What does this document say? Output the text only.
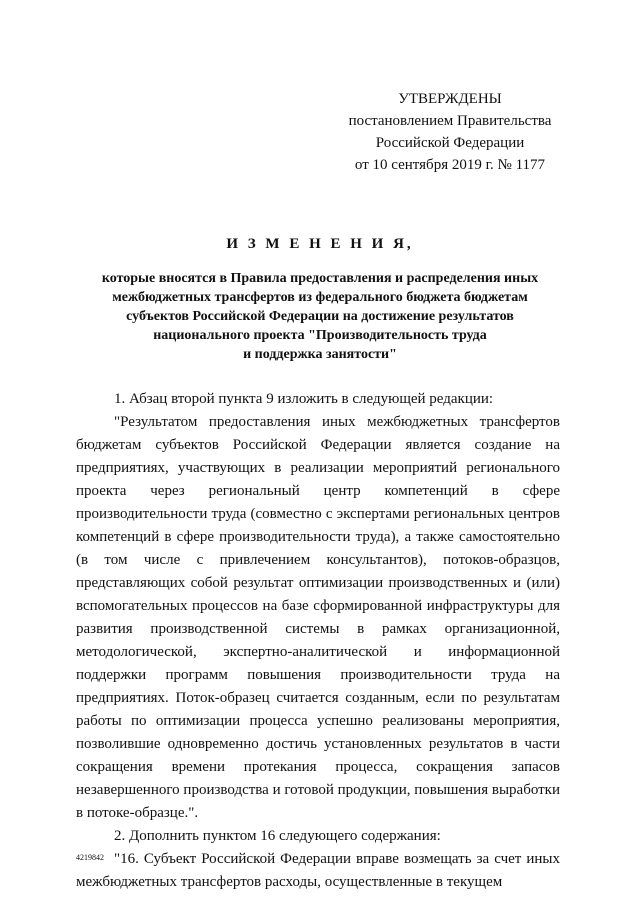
УТВЕРЖДЕНЫ
постановлением Правительства
Российской Федерации
от 10 сентября 2019 г. № 1177
И З М Е Н Е Н И Я,
которые вносятся в Правила предоставления и распределения иных
межбюджетных трансфертов из федерального бюджета бюджетам
субъектов Российской Федерации на достижение результатов
национального проекта "Производительность труда
и поддержка занятости"

1. Абзац второй пункта 9 изложить в следующей редакции:

"Результатом предоставления иных межбюджетных трансфертов бюджетам субъектов Российской Федерации является создание на предприятиях, участвующих в реализации мероприятий регионального проекта через региональный центр компетенций в сфере производительности труда (совместно с экспертами региональных центров компетенций в сфере производительности труда), а также самостоятельно (в том числе с привлечением консультантов), потоков-образцов, представляющих собой результат оптимизации производственных и (или) вспомогательных процессов на базе сформированной инфраструктуры для развития производственной системы в рамках организационной, методологической, экспертно-аналитической и информационной поддержки программ повышения производительности труда на предприятиях. Поток-образец считается созданным, если по результатам работы по оптимизации процесса успешно реализованы мероприятия, позволившие одновременно достичь установленных результатов в части сокращения времени протекания процесса, сокращения запасов незавершенного производства и готовой продукции, повышения выработки в потоке-образце.".

2. Дополнить пунктом 16 следующего содержания:

"16. Субъект Российской Федерации вправе возмещать за счет иных межбюджетных трансфертов расходы, осуществленные в текущем

4219842
